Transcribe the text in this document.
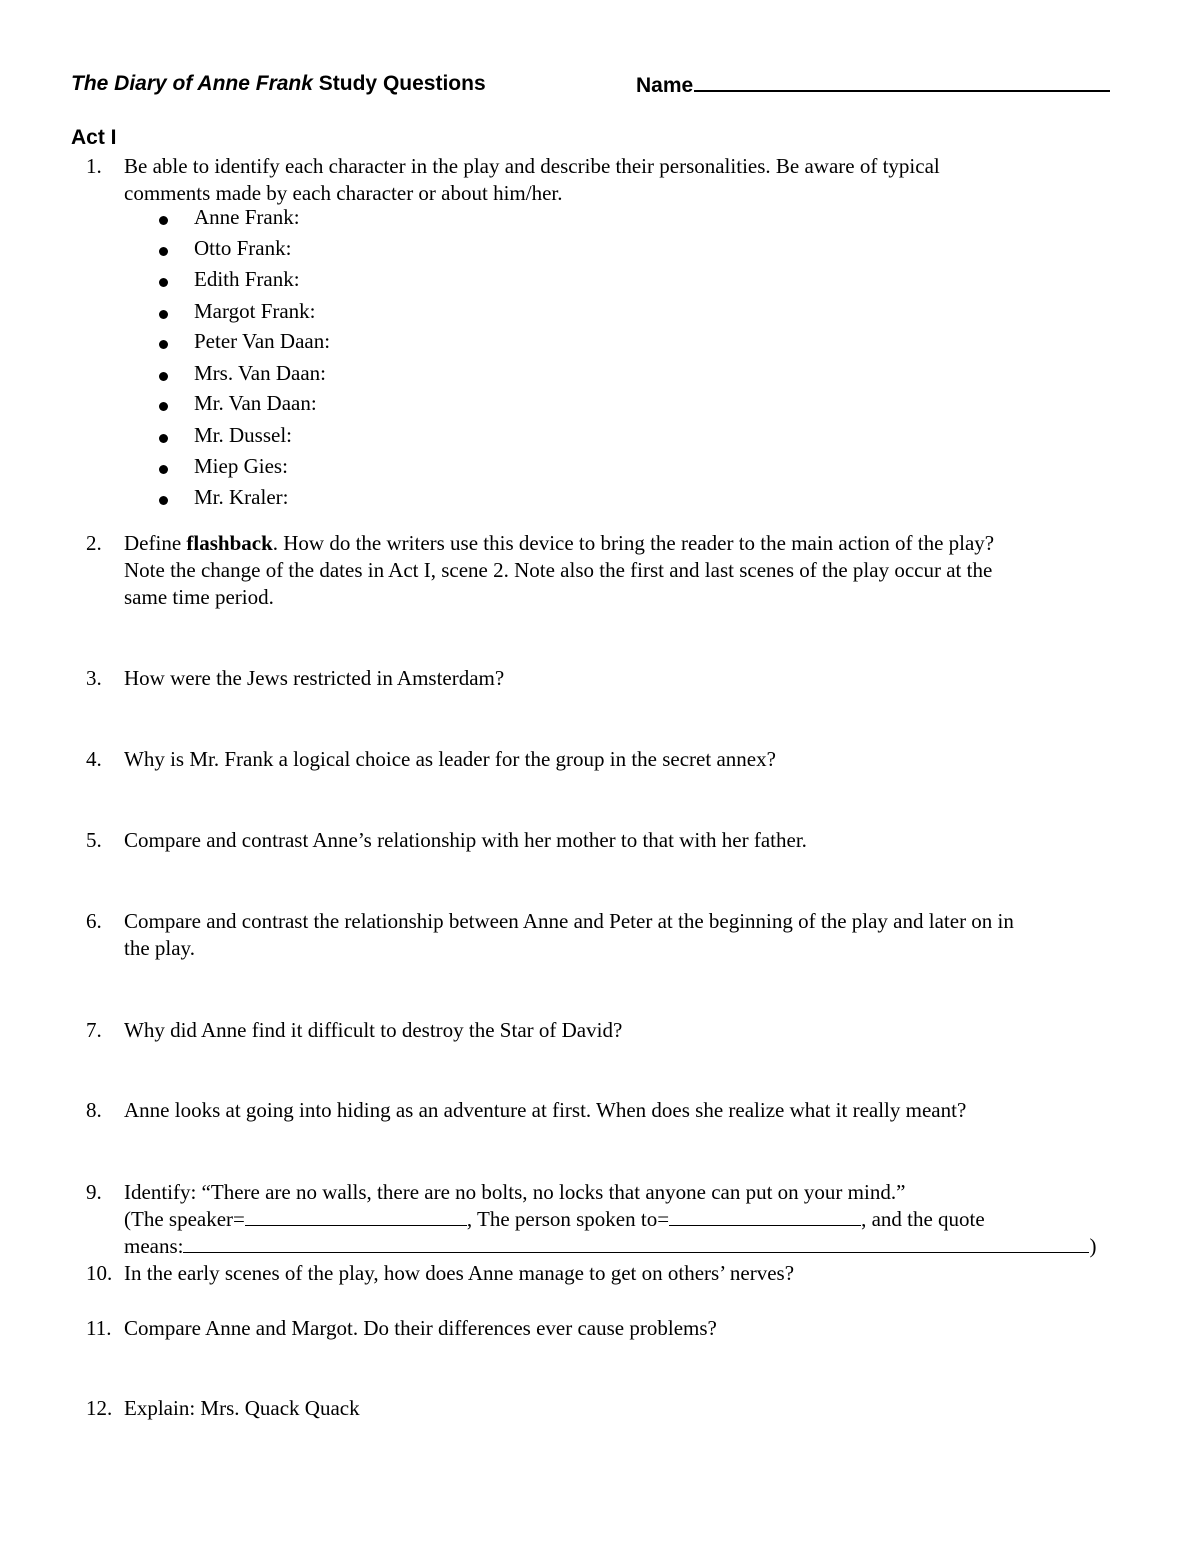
The Diary of Anne Frank Study Questions	Name
Act I
1. Be able to identify each character in the play and describe their personalities. Be aware of typical
comments made by each character or about him/her.
Anne Frank:
Otto Frank:
Edith Frank:
Margot Frank:
Peter Van Daan:
Mrs. Van Daan:
Mr. Van Daan:
Mr. Dussel:
Miep Gies:
Mr. Kraler:
2. Define flashback. How do the writers use this device to bring the reader to the main action of the play?
Note the change of the dates in Act I, scene 2. Note also the first and last scenes of the play occur at the
same time period.
3. How were the Jews restricted in Amsterdam?
4. Why is Mr. Frank a logical choice as leader for the group in the secret annex?
5. Compare and contrast Anne’s relationship with her mother to that with her father.
6. Compare and contrast the relationship between Anne and Peter at the beginning of the play and later on in
the play.
7. Why did Anne find it difficult to destroy the Star of David?
8. Anne looks at going into hiding as an adventure at first. When does she realize what it really meant?
9. Identify: “There are no walls, there are no bolts, no locks that anyone can put on your mind.”
(The speaker=	, The person spoken to=	, and the quote
means:	)
10. In the early scenes of the play, how does Anne manage to get on others’ nerves?
11. Compare Anne and Margot. Do their differences ever cause problems?
12. Explain: Mrs. Quack Quack
